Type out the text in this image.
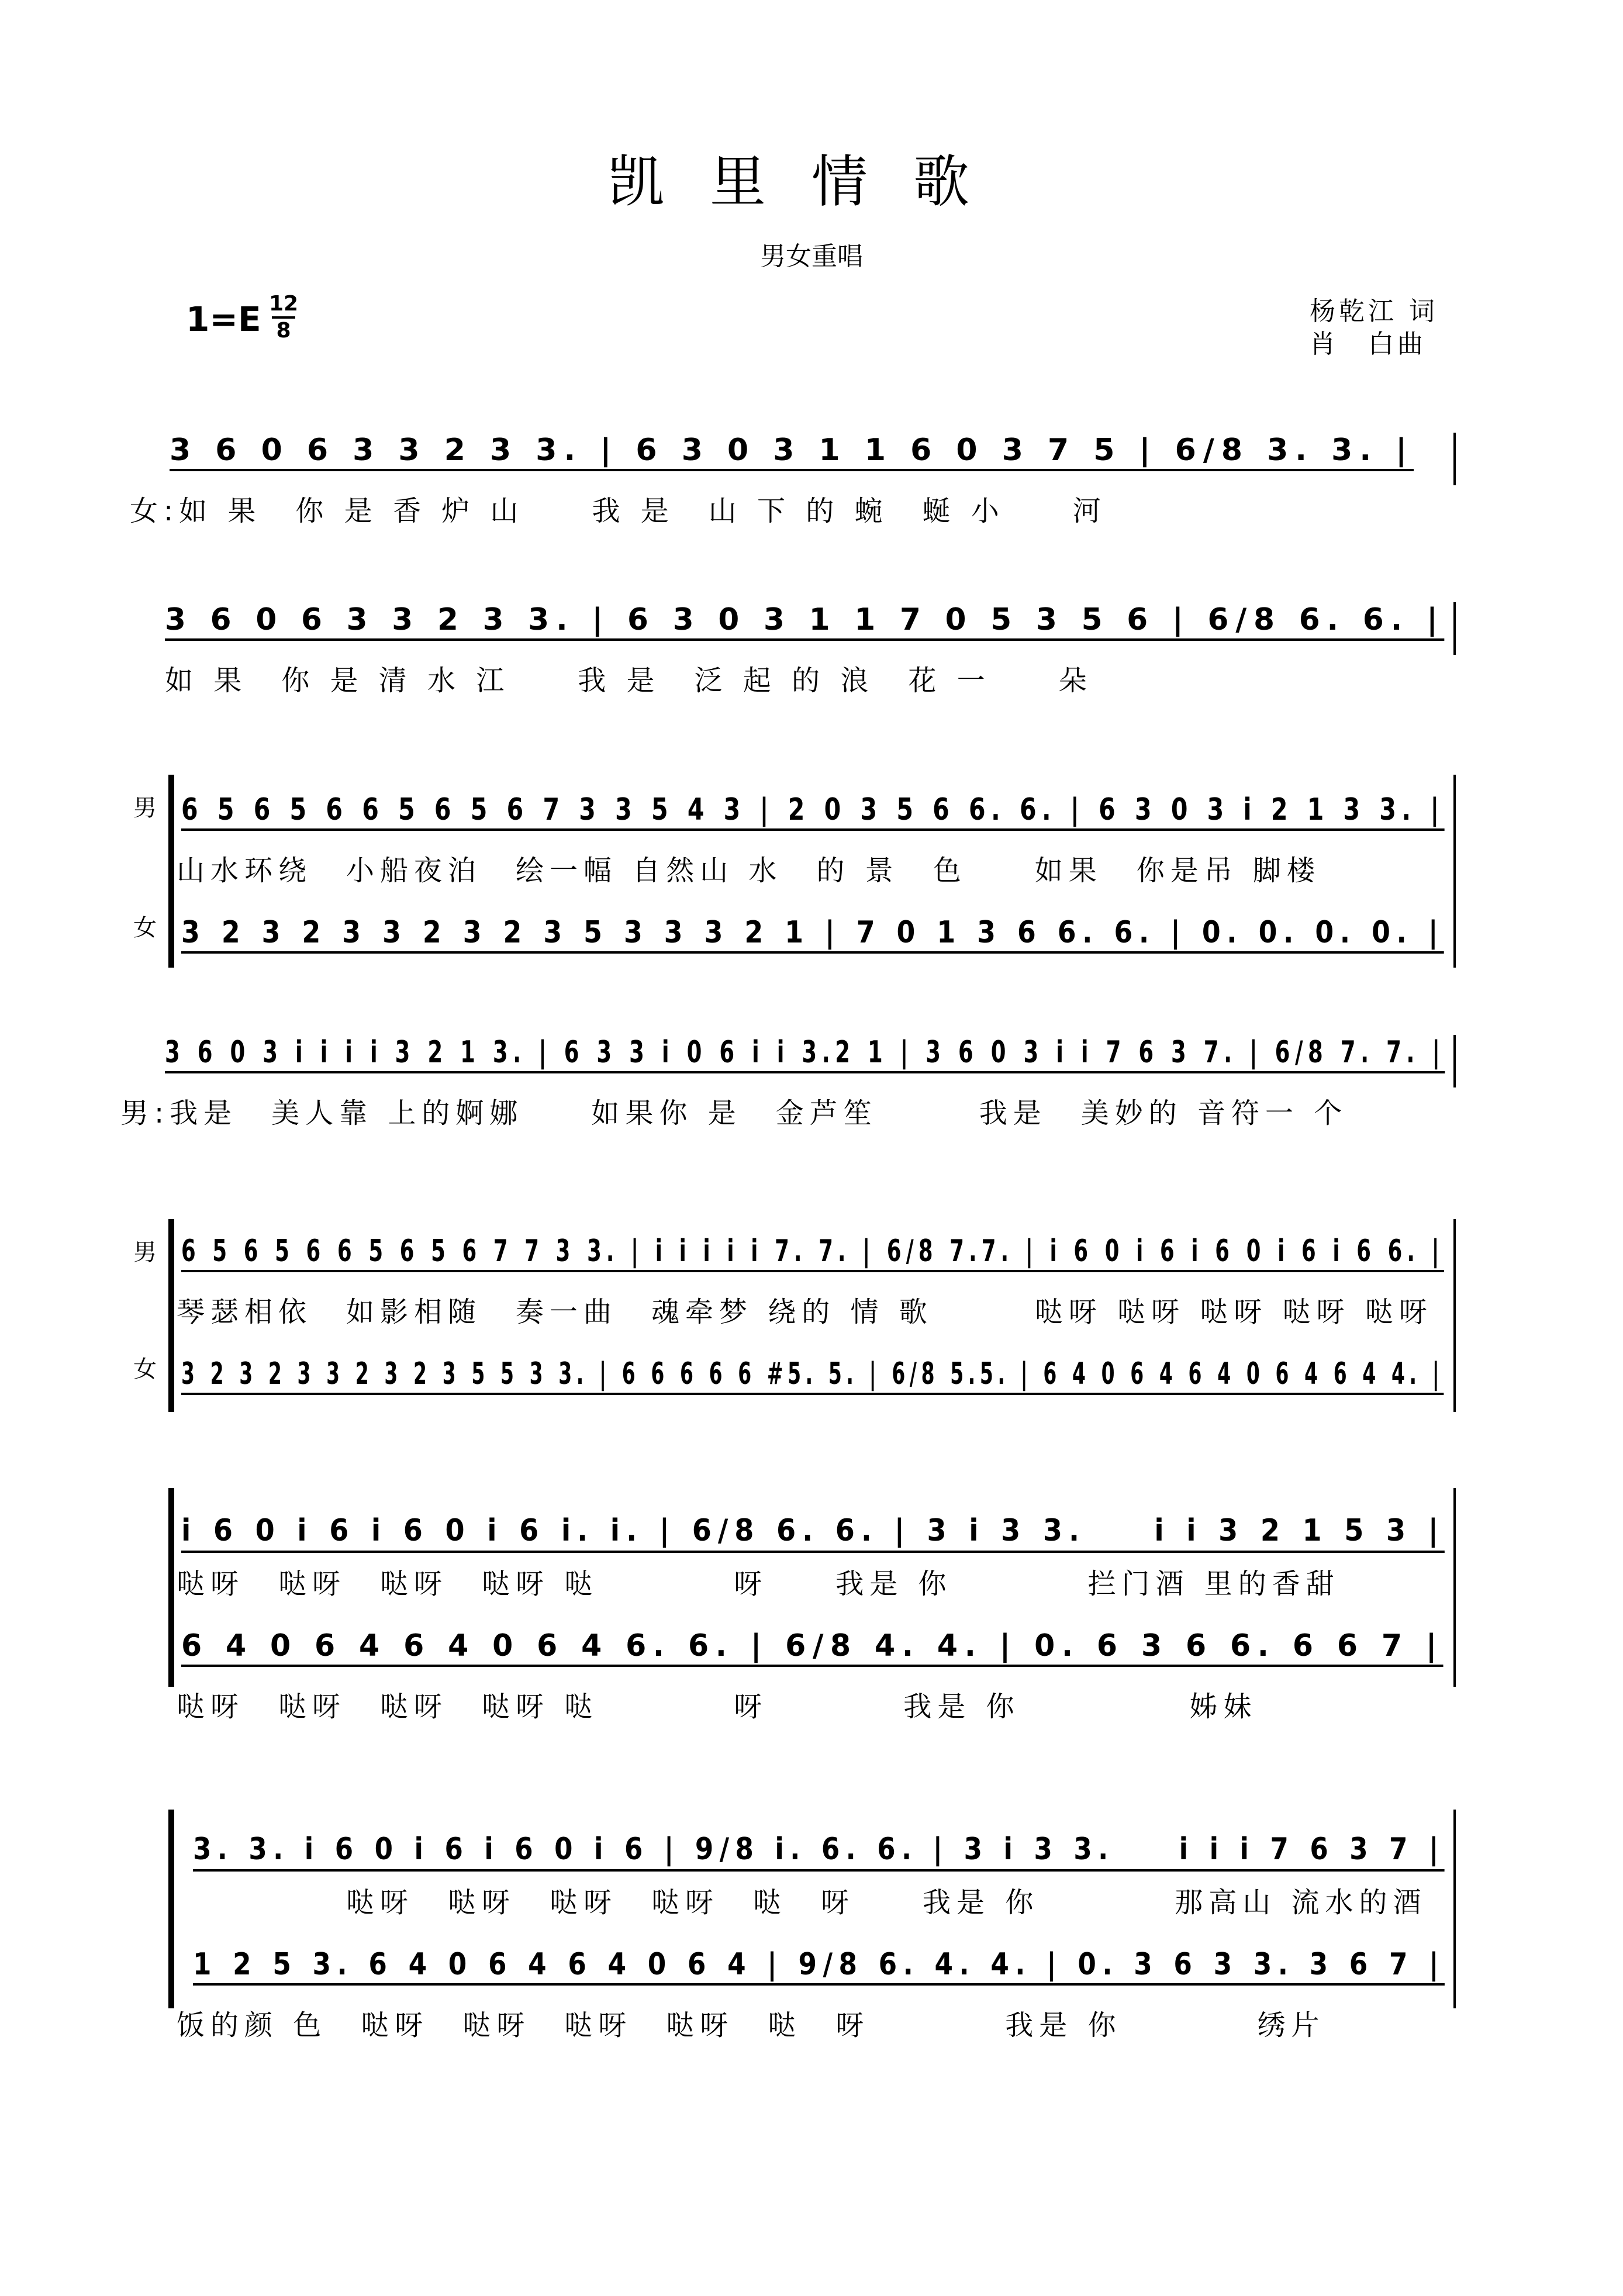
凯里情歌
男女重唱
1=E 12
8
杨乾江 词
肖　白曲
3 6 0 6 3 3 2 3 3. | 6 3 0 3 1 1 6 0 3 7 5 | 6/8 3. 3. |
女:如 果　你 是 香 炉 山　　我 是　山 下 的 蜿　蜒 小　　河
3 6 0 6 3 3 2 3 3. | 6 3 0 3 1 1 7 0 5 3 5 6 | 6/8 6. 6. |
如 果　你 是 清 水 江　　我 是　泛 起 的 浪　花 一　　朵
男
女
6 5 6 5 6 6 5 6 5 6 7 3 3 5 4 3 | 2 0 3 5 6 6. 6. | 6 3 0 3 i 2 1 3 3. |
山水环绕　小船夜泊　绘一幅 自然山 水　的 景　色　　如果　你是吊 脚楼
3 2 3 2 3 3 2 3 2 3 5 3 3 3 2 1 | 7 0 1 3 6 6. 6. | 0. 0. 0. 0. |
3 6 0 3 i i i i 3 2 1 3. | 6 3 3 i 0 6 i i 3.2 1 | 3 6 0 3 i i 7 6 3 7. | 6/8 7. 7. |
男:我是　美人靠 上的婀娜　　如果你 是　金芦笙　　　我是　美妙的 音符一 个
男
女
6 5 6 5 6 6 5 6 5 6 7 7 3 3. | i i i i i 7. 7. | 6/8 7.7. | i 6 0 i 6 i 6 0 i 6 i 6 6. |
琴瑟相依　如影相随　奏一曲　魂牵梦 绕的 情 歌　　　哒呀 哒呀 哒呀 哒呀 哒呀
3 2 3 2 3 3 2 3 2 3 5 5 3 3. | 6 6 6 6 6 #5. 5. | 6/8 5.5. | 6 4 0 6 4 6 4 0 6 4 6 4 4. |
i 6 0 i 6 i 6 0 i 6 i. i. | 6/8 6. 6. | 3 i 3 3.　　i i 3 2 1 5 3 |
哒呀　哒呀　哒呀　哒呀 哒　　　　呀　　我是 你　　　　拦门酒 里的香甜
6 4 0 6 4 6 4 0 6 4 6. 6. | 6/8 4. 4. | 0. 6 3 6 6. 6 6 7 |
哒呀　哒呀　哒呀　哒呀 哒　　　　呀　　　　我是 你　　　　　姊妹
3. 3. i 6 0 i 6 i 6 0 i 6 | 9/8 i. 6. 6. | 3 i 3 3.　　i i i 7 6 3 7 |
　　　　　哒呀　哒呀　哒呀　哒呀　哒　呀　　我是 你　　　　那高山 流水的酒
1 2 5 3. 6 4 0 6 4 6 4 0 6 4 | 9/8 6. 4. 4. | 0. 3 6 3 3. 3 6 7 |
饭的颜 色　哒呀　哒呀　哒呀　哒呀　哒　呀　　　　我是 你　　　　绣片
